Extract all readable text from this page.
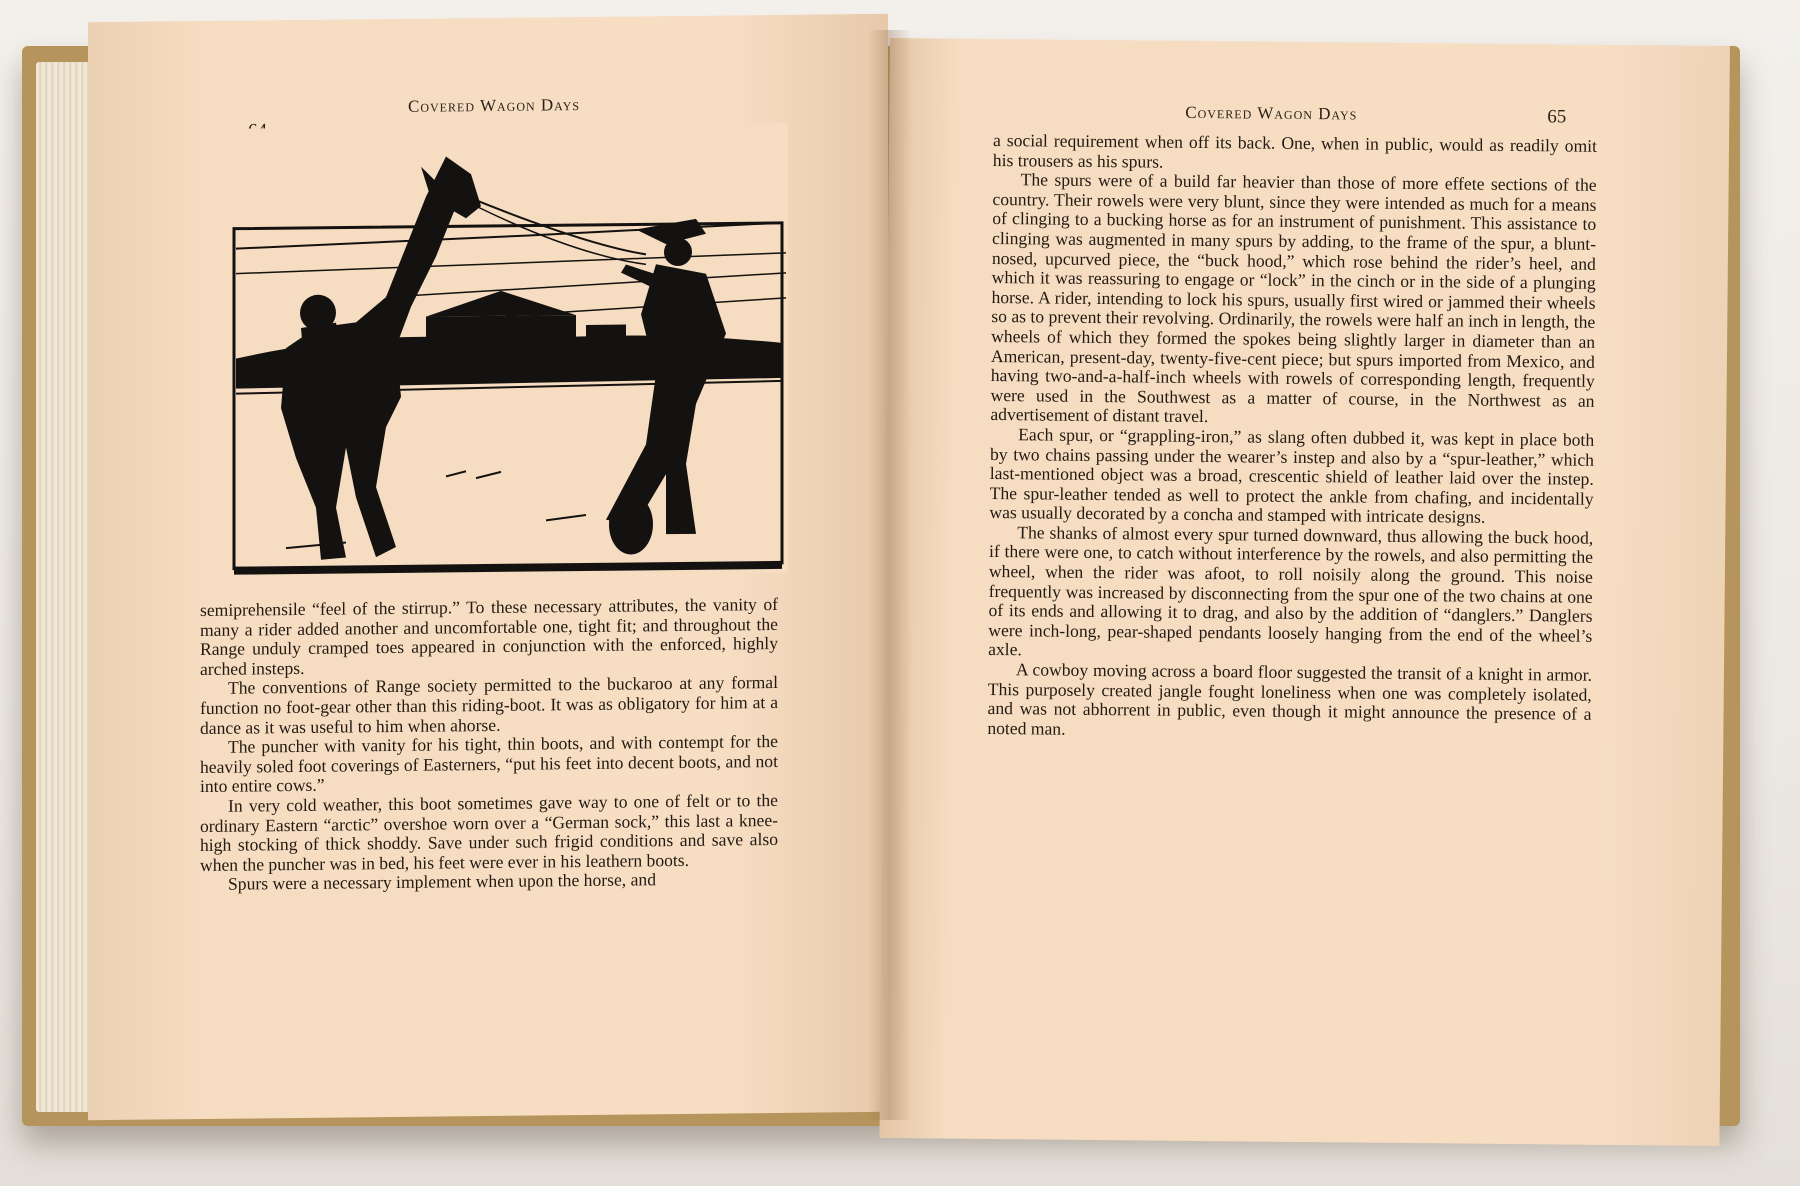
Covered Wagon Days
AR

semiprehensile “feel of the stirrup.” To these necessary attributes, the vanity of many a rider added another and uncomfortable one, tight fit; and throughout the Range unduly cramped toes appeared in conjunction with the enforced, highly arched insteps.

The conventions of Range society permitted to the buckaroo at any formal function no foot-gear other than this riding-boot. It was as obligatory for him at a dance as it was useful to him when ahorse.

The puncher with vanity for his tight, thin boots, and with contempt for the heavily soled foot coverings of Easterners, “put his feet into decent boots, and not into entire cows.”

In very cold weather, this boot sometimes gave way to one of felt or to the ordinary Eastern “arctic” overshoe worn over a “German sock,” this last a knee-high stocking of thick shoddy. Save under such frigid conditions and save also when the puncher was in bed, his feet were ever in his leathern boots.

Spurs were a necessary implement when upon the horse, and

Covered Wagon Days	65

a social requirement when off its back. One, when in public, would as readily omit his trousers as his spurs.

The spurs were of a build far heavier than those of more effete sections of the country. Their rowels were very blunt, since they were intended as much for a means of clinging to a bucking horse as for an instrument of punishment. This assistance to clinging was augmented in many spurs by adding, to the frame of the spur, a blunt-nosed, upcurved piece, the “buck hood,” which rose behind the rider’s heel, and which it was reassuring to engage or “lock” in the cinch or in the side of a plunging horse. A rider, intending to lock his spurs, usually first wired or jammed their wheels so as to prevent their revolving. Ordinarily, the rowels were half an inch in length, the wheels of which they formed the spokes being slightly larger in diameter than an American, present-day, twenty-five-cent piece; but spurs imported from Mexico, and having two-and-a-half-inch wheels with rowels of corresponding length, frequently were used in the Southwest as a matter of course, in the Northwest as an advertisement of distant travel.

Each spur, or “grappling-iron,” as slang often dubbed it, was kept in place both by two chains passing under the wearer’s instep and also by a “spur-leather,” which last-mentioned object was a broad, crescentic shield of leather laid over the instep. The spur-leather tended as well to protect the ankle from chafing, and incidentally was usually decorated by a concha and stamped with intricate designs.

The shanks of almost every spur turned downward, thus allowing the buck hood, if there were one, to catch without interference by the rowels, and also permitting the wheel, when the rider was afoot, to roll noisily along the ground. This noise frequently was increased by disconnecting from the spur one of the two chains at one of its ends and allowing it to drag, and also by the addition of “danglers.” Danglers were inch-long, pear-shaped pendants loosely hanging from the end of the wheel’s axle.

A cowboy moving across a board floor suggested the transit of a knight in armor. This purposely created jangle fought loneliness when one was completely isolated, and was not abhorrent in public, even though it might announce the presence of a noted man.
